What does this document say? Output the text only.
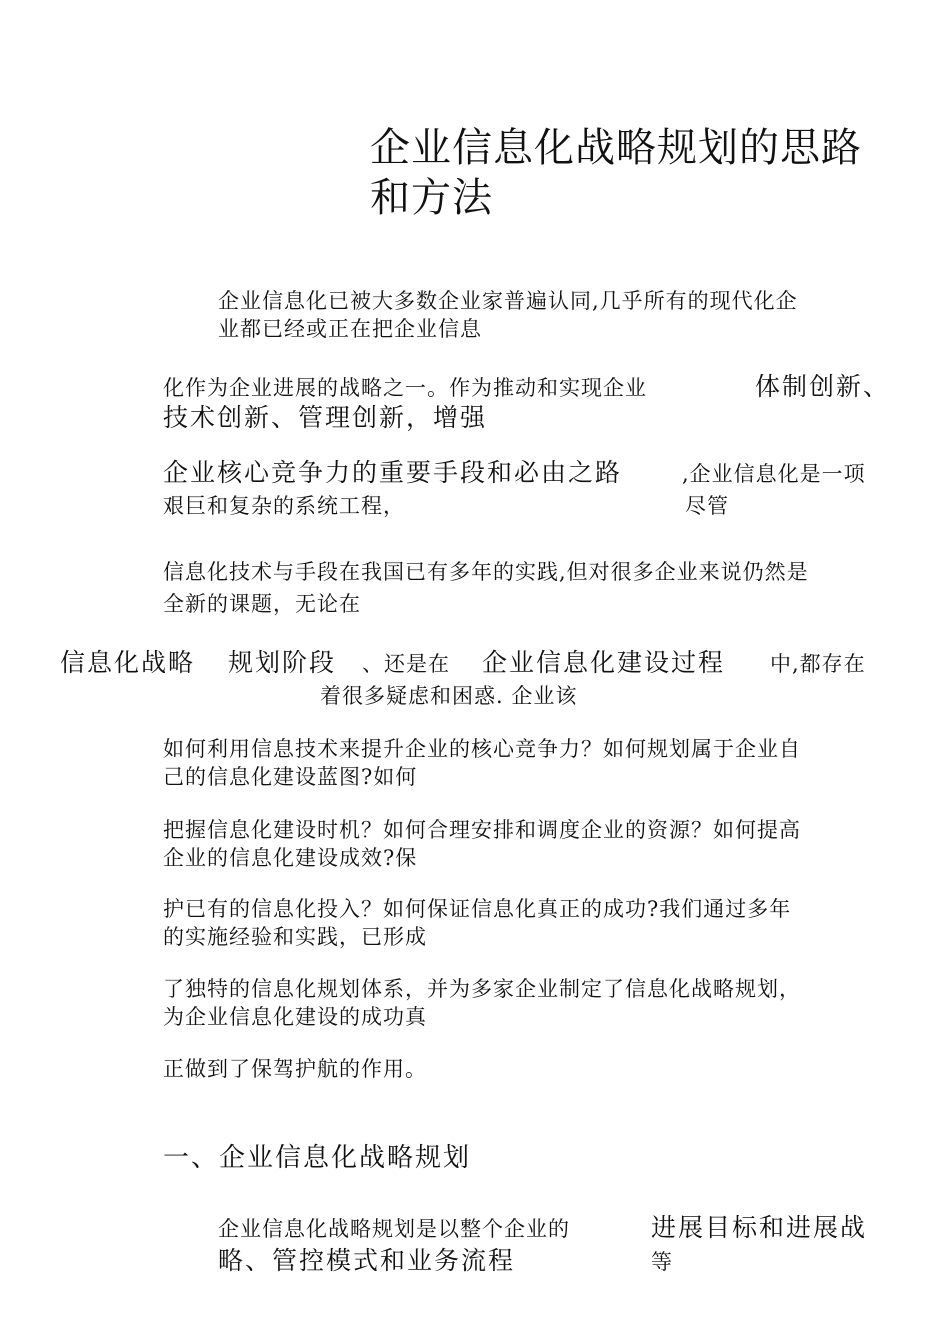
企业信息化战略规划的思路
和方法
企业信息化已被大多数企业家普遍认同,几乎所有的现代化企
业都已经或正在把企业信息
化作为企业进展的战略之一。作为推动和实现企业	体制创新、
技术创新、管理创新，增强
企业核心竞争力的重要手段和必由之路	,企业信息化是一项
艰巨和复杂的系统工程，	尽管
信息化技术与手段在我国已有多年的实践,但对很多企业来说仍然是
全新的课题，无论在
信息化战略 规划阶段 、还是在 企业信息化建设过程 中,都存在
着很多疑虑和困惑. 企业该
如何利用信息技术来提升企业的核心竞争力？如何规划属于企业自
己的信息化建设蓝图?如何
把握信息化建设时机？如何合理安排和调度企业的资源？如何提高
企业的信息化建设成效?保
护已有的信息化投入？如何保证信息化真正的成功?我们通过多年
的实施经验和实践，已形成
了独特的信息化规划体系，并为多家企业制定了信息化战略规划，
为企业信息化建设的成功真
正做到了保驾护航的作用。
一、企业信息化战略规划
企业信息化战略规划是以整个企业的	进展目标和进展战
略、管控模式和业务流程	等
